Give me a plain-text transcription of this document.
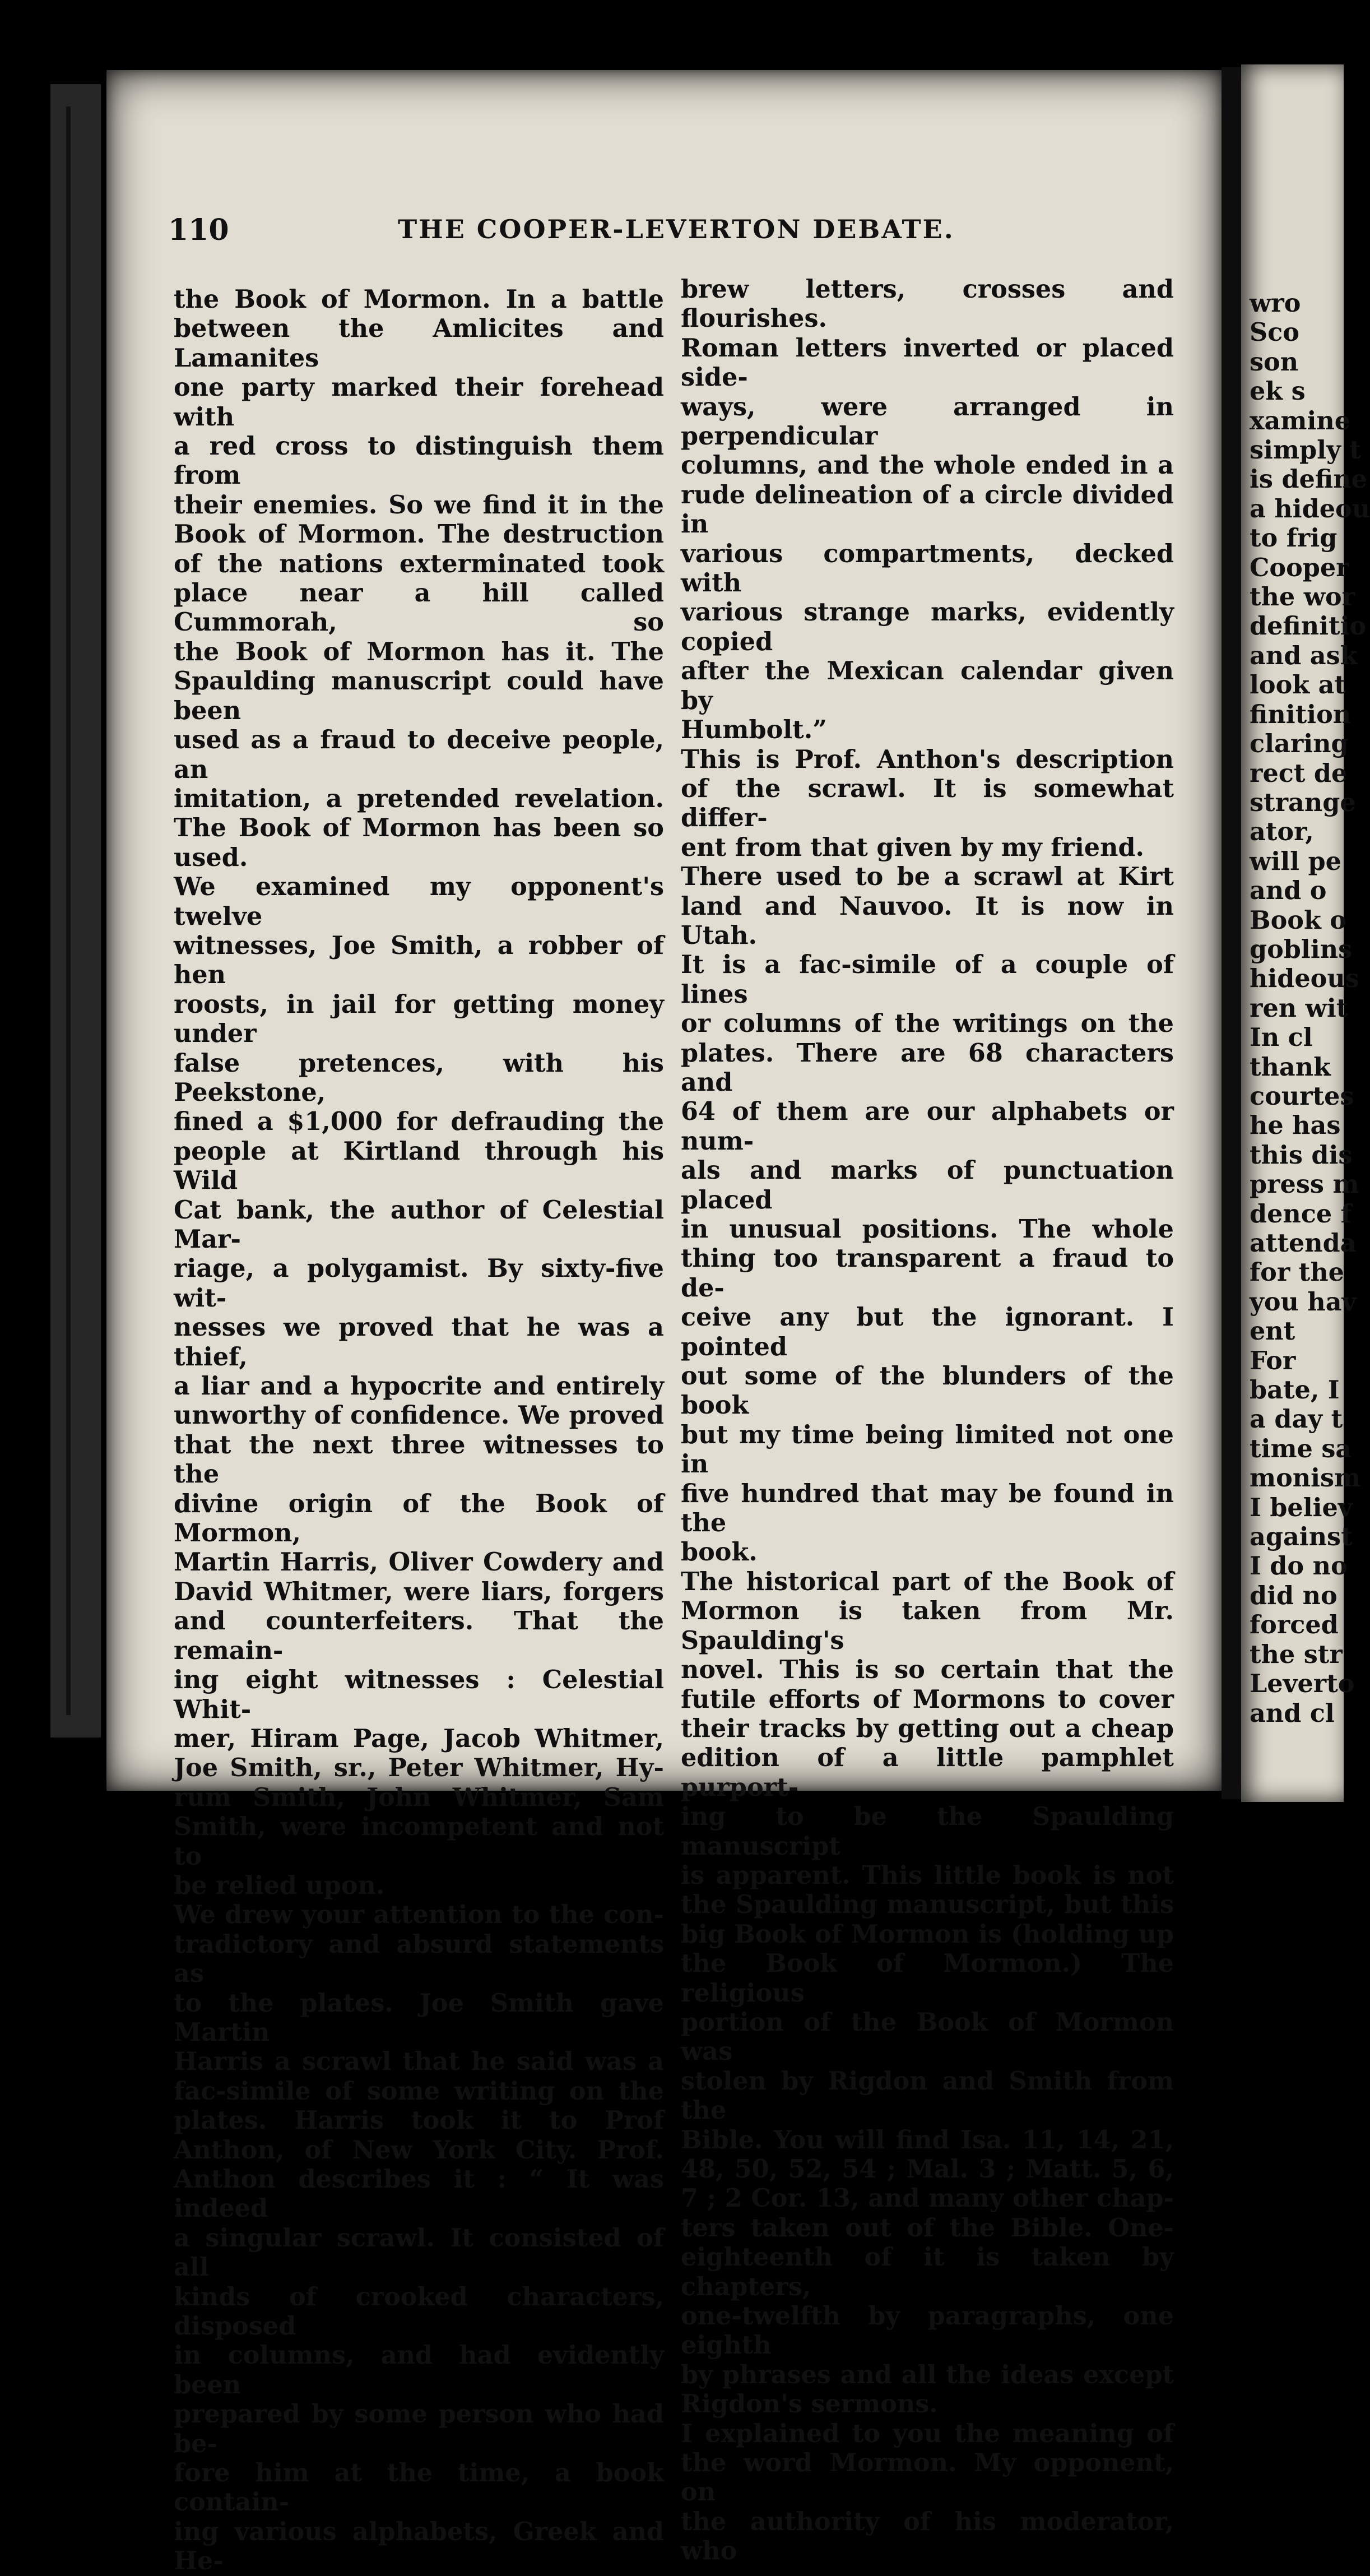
wro
Sco
son
ek s
xamine
simply t
is define
a hideou
to frig
Cooper
the wor
definitio
and ask
look at
finition
claring
rect de
strange
ator,
will pe
and o
Book o
goblins
hideous
ren wit
In cl
thank
courtes
he has
this dis
press m
dence f
attenda
for the
you hav
ent
For
bate, I
a day t
time sa
monism
I believ
against
I do no
did no
forced
the str
Leverto
and cl
110	THE COOPER-LEVERTON DEBATE.

the Book of Mormon. In a battle

between the Amlicites and Lamanites

one party marked their forehead with

a red cross to distinguish them from

their enemies. So we find it in the

Book of Mormon. The destruction

of the nations exterminated took

place near a hill called Cummorah, so

the Book of Mormon has it. The

Spaulding manuscript could have been

used as a fraud to deceive people, an

imitation, a pretended revelation.

The Book of Mormon has been so

used.

We examined my opponent's twelve

witnesses, Joe Smith, a robber of hen

roosts, in jail for getting money under

false pretences, with his Peekstone,

fined a $1,000 for defrauding the

people at Kirtland through his Wild

Cat bank, the author of Celestial Mar-

riage, a polygamist. By sixty-five wit-

nesses we proved that he was a thief,

a liar and a hypocrite and entirely

unworthy of confidence. We proved

that the next three witnesses to the

divine origin of the Book of Mormon,

Martin Harris, Oliver Cowdery and

David Whitmer, were liars, forgers

and counterfeiters. That the remain-

ing eight witnesses : Celestial Whit-

mer, Hiram Page, Jacob Whitmer,

Joe Smith, sr., Peter Whitmer, Hy-

rum Smith, John Whitmer, Sam

Smith, were incompetent and not to

be relied upon.

We drew your attention to the con-

tradictory and absurd statements as

to the plates. Joe Smith gave Martin

Harris a scrawl that he said was a

fac-simile of some writing on the

plates. Harris took it to Prof

Anthon, of New York City. Prof.

Anthon describes it : “ It was indeed

a singular scrawl. It consisted of all

kinds of crooked characters, disposed

in columns, and had evidently been

prepared by some person who had be-

fore him at the time, a book contain-

ing various alphabets, Greek and He-

brew letters, crosses and flourishes.

Roman letters inverted or placed side-

ways, were arranged in perpendicular

columns, and the whole ended in a

rude delineation of a circle divided in

various compartments, decked with

various strange marks, evidently copied

after the Mexican calendar given by

Humbolt.”

This is Prof. Anthon's description

of the scrawl. It is somewhat differ-

ent from that given by my friend.

There used to be a scrawl at Kirt

land and Nauvoo. It is now in Utah.

It is a fac-simile of a couple of lines

or columns of the writings on the

plates. There are 68 characters and

64 of them are our alphabets or num-

als and marks of punctuation placed

in unusual positions. The whole

thing too transparent a fraud to de-

ceive any but the ignorant. I pointed

out some of the blunders of the book

but my time being limited not one in

five hundred that may be found in the

book.

The historical part of the Book of

Mormon is taken from Mr. Spaulding's

novel. This is so certain that the

futile efforts of Mormons to cover

their tracks by getting out a cheap

edition of a little pamphlet purport-

ing to be the Spaulding manuscript

is apparent. This little book is not

the Spaulding manuscript, but this

big Book of Mormon is (holding up

the Book of Mormon.) The religious

portion of the Book of Mormon was

stolen by Rigdon and Smith from the

Bible. You will find Isa. 11, 14, 21,

48, 50, 52, 54 ; Mal. 3 ; Matt. 5, 6,

7 ; 2 Cor. 13, and many other chap-

ters taken out of the Bible. One-

eighteenth of it is taken by chapters,

one-twelfth by paragraphs, one eighth

by phrases and all the ideas except

Rigdon's sermons.

I explained to you the meaning of

the word Mormon. My opponent, on

the authority of his moderator, who
